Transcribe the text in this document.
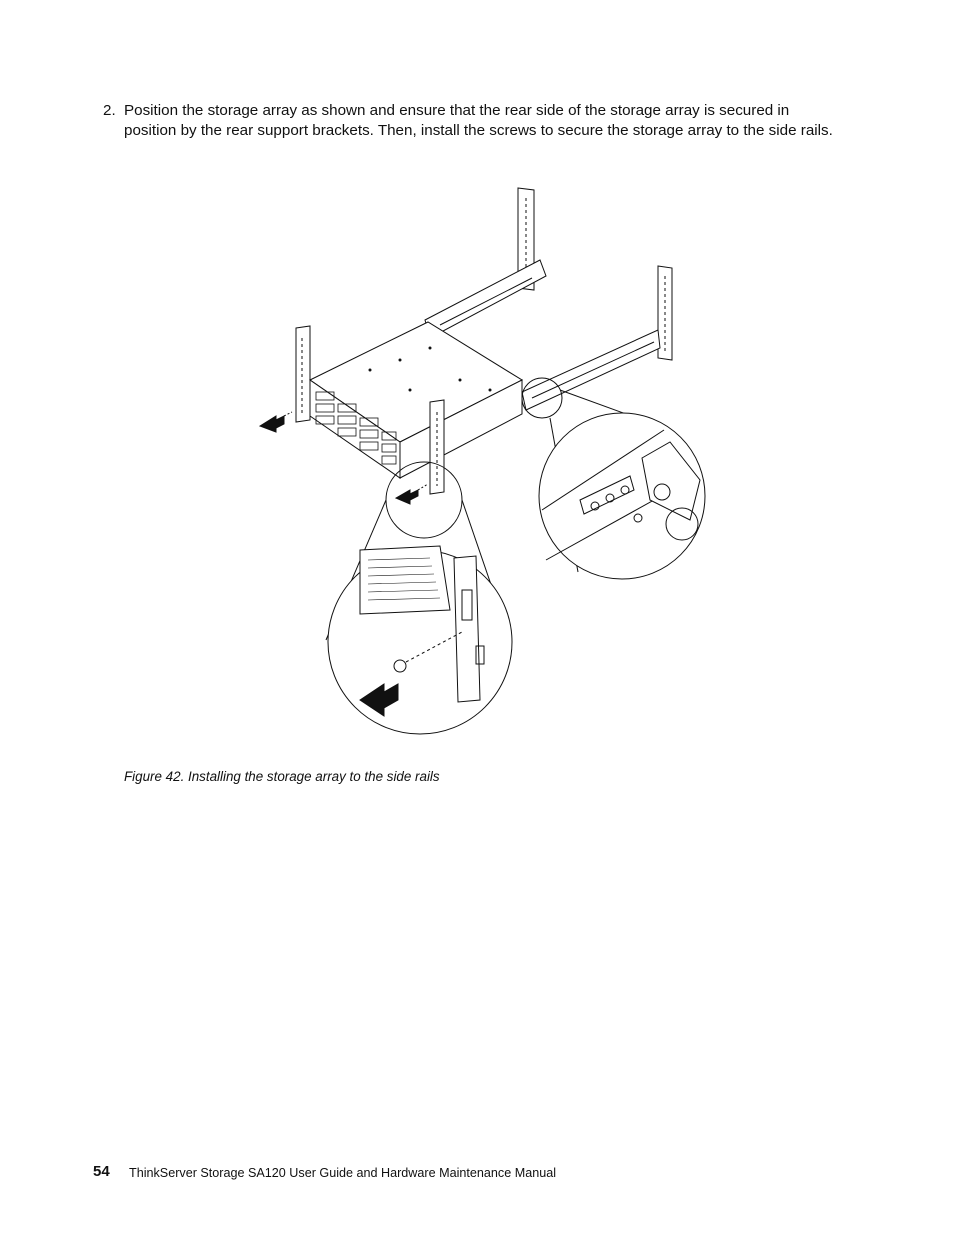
2. Position the storage array as shown and ensure that the rear side of the storage array is secured in position by the rear support brackets. Then, install the screws to secure the storage array to the side rails.
Figure 42. Installing the storage array to the side rails
54 ThinkServer Storage SA120 User Guide and Hardware Maintenance Manual
